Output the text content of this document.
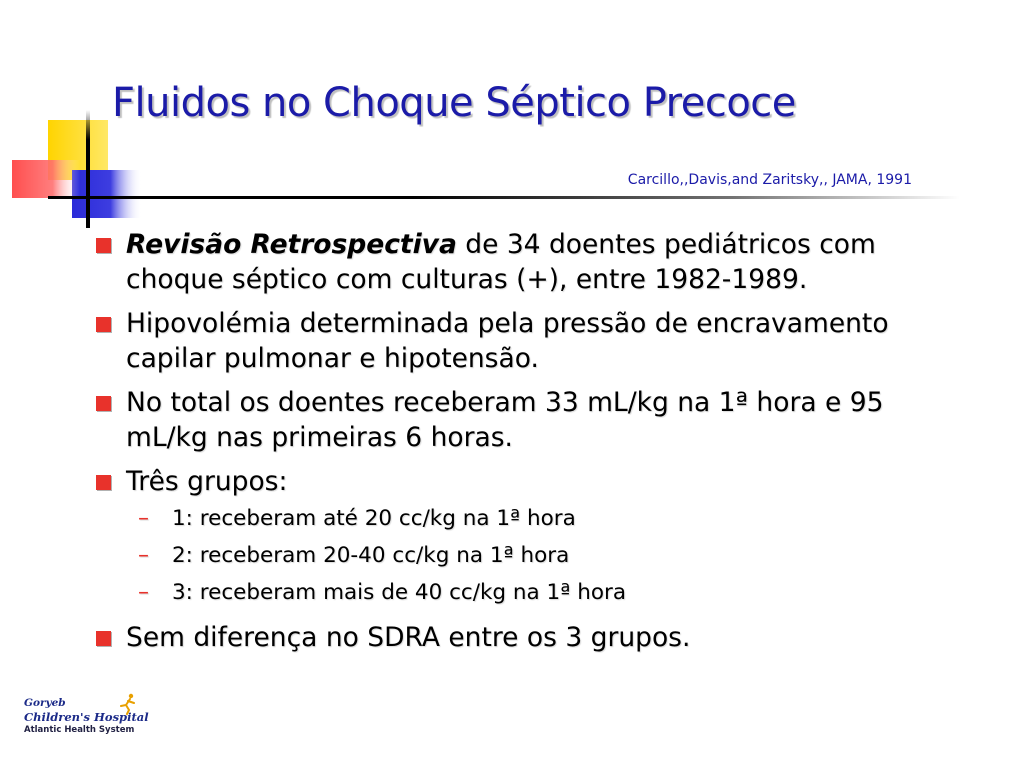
Fluidos no Choque Séptico Precoce
Carcillo,,Davis,and Zaritsky,, JAMA, 1991
Revisão Retrospectiva de 34 doentes pediátricos com choque séptico com culturas (+), entre 1982-1989.
Hipovolémia determinada pela pressão de encravamento capilar pulmonar e hipotensão.
No total os doentes receberam 33 mL/kg na 1ª hora e 95 mL/kg nas primeiras 6 horas.
Três grupos:
– 1: receberam até 20 cc/kg na 1ª hora
– 2: receberam 20-40 cc/kg na 1ª hora
– 3: receberam mais de 40 cc/kg na 1ª hora
Sem diferença no SDRA entre os 3 grupos.
Goryeb
Children's Hospital
Atlantic Health System
